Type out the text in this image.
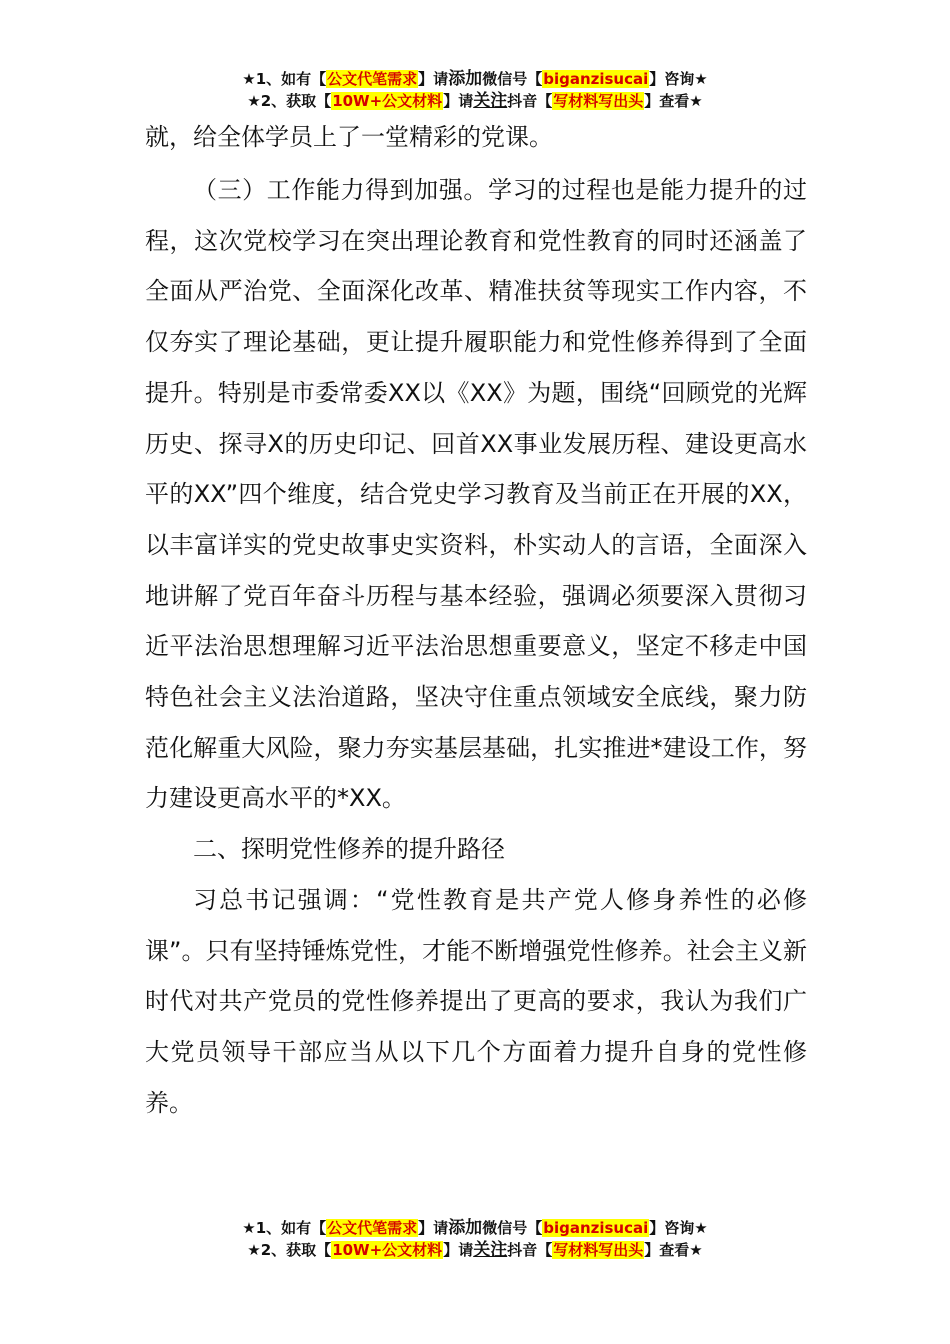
★1、如有【公文代笔需求】请添加微信号【biganzisucai】咨询★
★2、获取【10W+公文材料】请关注抖音【写材料写出头】查看★

就，给全体学员上了一堂精彩的党课。

（三）工作能力得到加强。学习的过程也是能力提升的过程，这次党校学习在突出理论教育和党性教育的同时还涵盖了全面从严治党、全面深化改革、精准扶贫等现实工作内容，不仅夯实了理论基础，更让提升履职能力和党性修养得到了全面提升。特别是市委常委XX以《XX》为题，围绕“回顾党的光辉历史、探寻X的历史印记、回首XX事业发展历程、建设更高水平的XX”四个维度，结合党史学习教育及当前正在开展的XX，以丰富详实的党史故事史实资料，朴实动人的言语，全面深入地讲解了党百年奋斗历程与基本经验，强调必须要深入贯彻习近平法治思想理解习近平法治思想重要意义，坚定不移走中国特色社会主义法治道路，坚决守住重点领域安全底线，聚力防范化解重大风险，聚力夯实基层基础，扎实推进*建设工作，努力建设更高水平的*XX。

二、探明党性修养的提升路径

习总书记强调：“党性教育是共产党人修身养性的必修课”。只有坚持锤炼党性，才能不断增强党性修养。社会主义新时代对共产党员的党性修养提出了更高的要求，我认为我们广大党员领导干部应当从以下几个方面着力提升自身的党性修养。

★1、如有【公文代笔需求】请添加微信号【biganzisucai】咨询★
★2、获取【10W+公文材料】请关注抖音【写材料写出头】查看★
